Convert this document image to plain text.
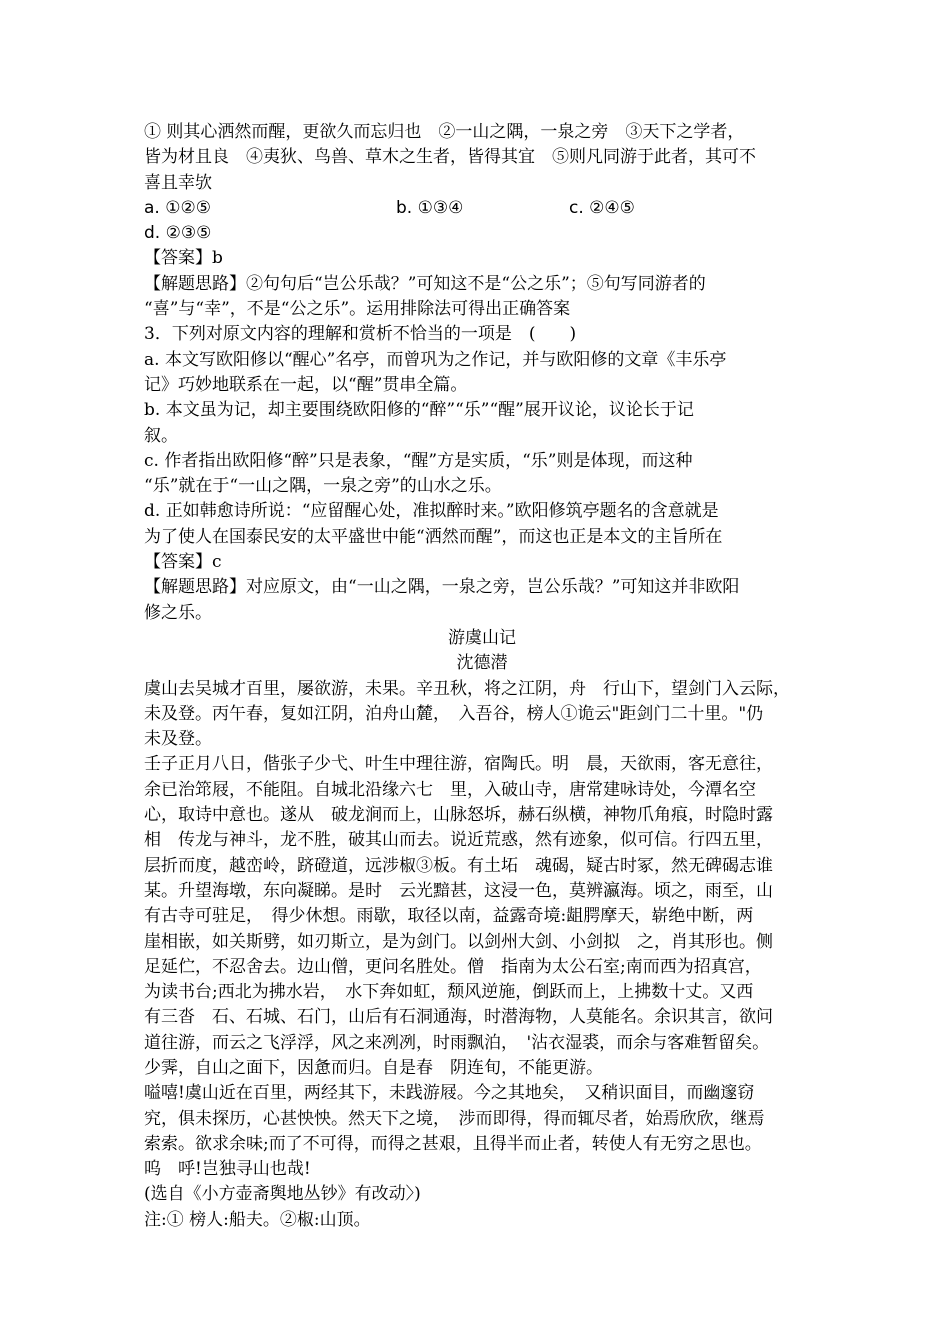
① 则其心洒然而醒，更欲久而忘归也　②一山之隅，一泉之旁　③天下之学者，
皆为材且良　④夷狄、鸟兽、草木之生者，皆得其宜　⑤则凡同游于此者，其可不
喜且幸欤
a. ①②⑤	b. ①③④	c. ②④⑤
d. ②③⑤
【答案】b
【解题思路】②句句后“岂公乐哉？”可知这不是“公之乐”；⑤句写同游者的
“喜”与“幸”，不是“公之乐”。运用排除法可得出正确答案
3．下列对原文内容的理解和赏析不恰当的一项是　(　　)
a. 本文写欧阳修以“醒心”名亭，而曾巩为之作记，并与欧阳修的文章《丰乐亭
记》巧妙地联系在一起，以“醒”贯串全篇。
b. 本文虽为记，却主要围绕欧阳修的“醉”“乐”“醒”展开议论，议论长于记
叙。
c. 作者指出欧阳修“醉”只是表象，“醒”方是实质，“乐”则是体现，而这种
“乐”就在于“一山之隅，一泉之旁”的山水之乐。
d. 正如韩愈诗所说：“应留醒心处，准拟醉时来。”欧阳修筑亭题名的含意就是
为了使人在国泰民安的太平盛世中能“洒然而醒”，而这也正是本文的主旨所在
【答案】c
【解题思路】对应原文，由“一山之隅，一泉之旁，岂公乐哉？”可知这并非欧阳
修之乐。
游虞山记
沈德潜
虞山去吴城才百里，屡欲游，未果。辛丑秋，将之江阴，舟　行山下，望剑门入云际，
未及登。丙午春，复如江阴，泊舟山麓，　入吾谷，榜人①诡云"距剑门二十里。"仍
未及登。
壬子正月八日，偕张子少弋、叶生中理往游，宿陶氏。明　晨，天欲雨，客无意往，
余已治筇屐，不能阻。自城北沿缘六七　里，入破山寺，唐常建咏诗处，今潭名空
心，取诗中意也。遂从　破龙涧而上，山脉怒坼，赫石纵横，神物爪角痕，时隐时露
相　传龙与神斗，龙不胜，破其山而去。说近荒惑，然有迹象，似可信。行四五里，
层折而度，越峦岭，跻磴道，远涉椒③板。有土坧　魂碣，疑古时冢，然无碑碣志谁
某。升望海墩，东向凝睇。是时　云光黯甚，这浸一色，莫辨瀛海。顷之，雨至，山
有古寺可驻足，　得少休想。雨歇，取径以南，益露奇境:龃腭摩天，崭绝中断，两
崖相嵌，如关斯劈，如刃斯立，是为剑门。以剑州大剑、小剑拟　之，肖其形也。侧
足延伫，不忍舍去。边山僧，更问名胜处。僧　指南为太公石室;南而西为招真宫，
为读书台;西北为拂水岩，　水下奔如虹，颓风逆施，倒跃而上，上拂数十丈。又西
有三沓　石、石城、石门，山后有石洞通海，时潜海物，人莫能名。余识其言，欲问
道往游，而云之飞浮浮，风之来冽冽，时雨飘泊，　'沾衣湿裘，而余与客难暂留矣。
少霁，自山之面下，因惫而归。自是春　阴连旬，不能更游。
嗌嘻!虞山近在百里，两经其下，未践游屐。今之其地矣，　又稍识面目，而幽邃窃
究，俱未探历，心甚怏怏。然天下之境，　涉而即得，得而辄尽者，始焉欣欣，继焉
索索。欲求余味;而了不可得，而得之甚艰，且得半而止者，转使人有无穷之思也。
呜　呼!岂独寻山也哉!
(选自《小方壶斋舆地丛钞》有改动〉)
注:① 榜人:船夫。②椒:山顶。
